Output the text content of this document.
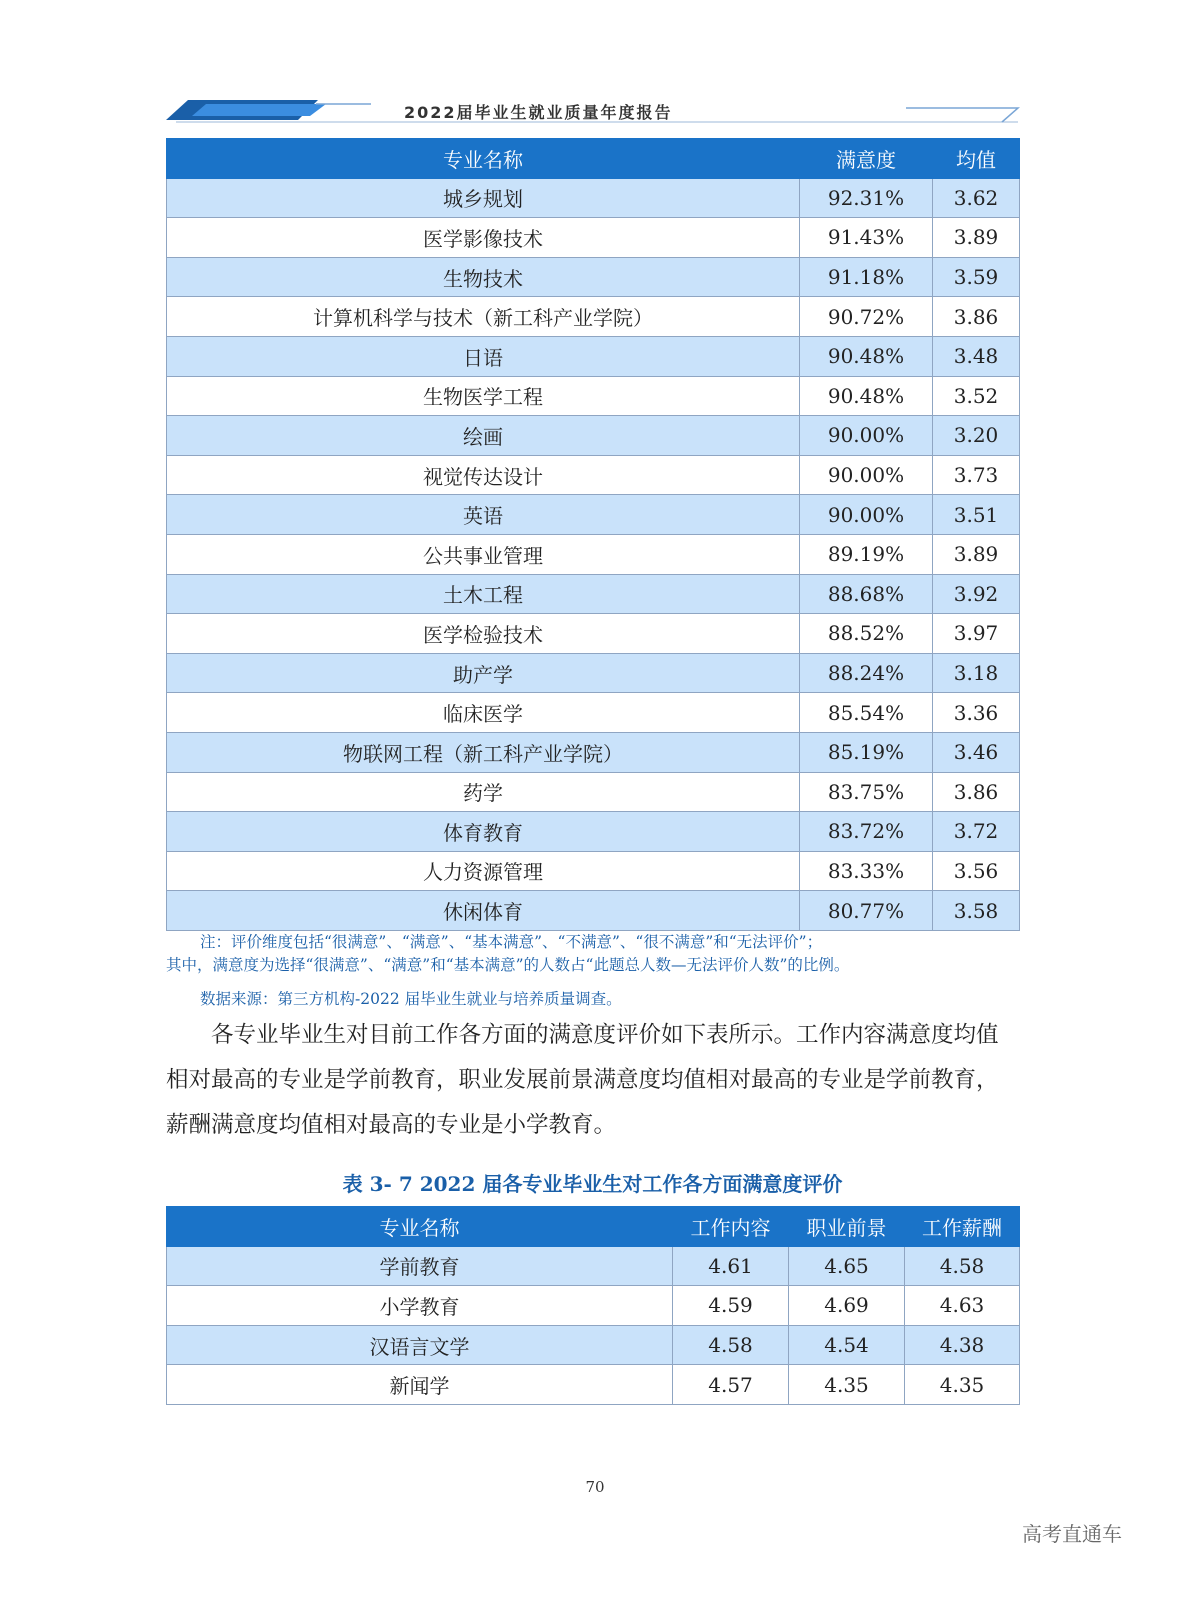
2022届毕业生就业质量年度报告
专业名称	满意度	均值
城乡规划	92.31%	3.62
医学影像技术	91.43%	3.89
生物技术	91.18%	3.59
计算机科学与技术（新工科产业学院）	90.72%	3.86
日语	90.48%	3.48
生物医学工程	90.48%	3.52
绘画	90.00%	3.20
视觉传达设计	90.00%	3.73
英语	90.00%	3.51
公共事业管理	89.19%	3.89
土木工程	88.68%	3.92
医学检验技术	88.52%	3.97
助产学	88.24%	3.18
临床医学	85.54%	3.36
物联网工程（新工科产业学院）	85.19%	3.46
药学	83.75%	3.86
体育教育	83.72%	3.72
人力资源管理	83.33%	3.56
休闲体育	80.77%	3.58
注：评价维度包括“很满意”、“满意”、“基本满意”、“不满意”、“很不满意”和“无法评价”；
其中，满意度为选择“很满意”、“满意”和“基本满意”的人数占“此题总人数—无法评价人数”的比例。
数据来源：第三方机构-2022 届毕业生就业与培养质量调查。
各专业毕业生对目前工作各方面的满意度评价如下表所示。工作内容满意度均值
相对最高的专业是学前教育，职业发展前景满意度均值相对最高的专业是学前教育，
薪酬满意度均值相对最高的专业是小学教育。
表 3- 7 2022 届各专业毕业生对工作各方面满意度评价
专业名称	工作内容	职业前景	工作薪酬
学前教育	4.61	4.65	4.58
小学教育	4.59	4.69	4.63
汉语言文学	4.58	4.54	4.38
新闻学	4.57	4.35	4.35
70
高考直通车
